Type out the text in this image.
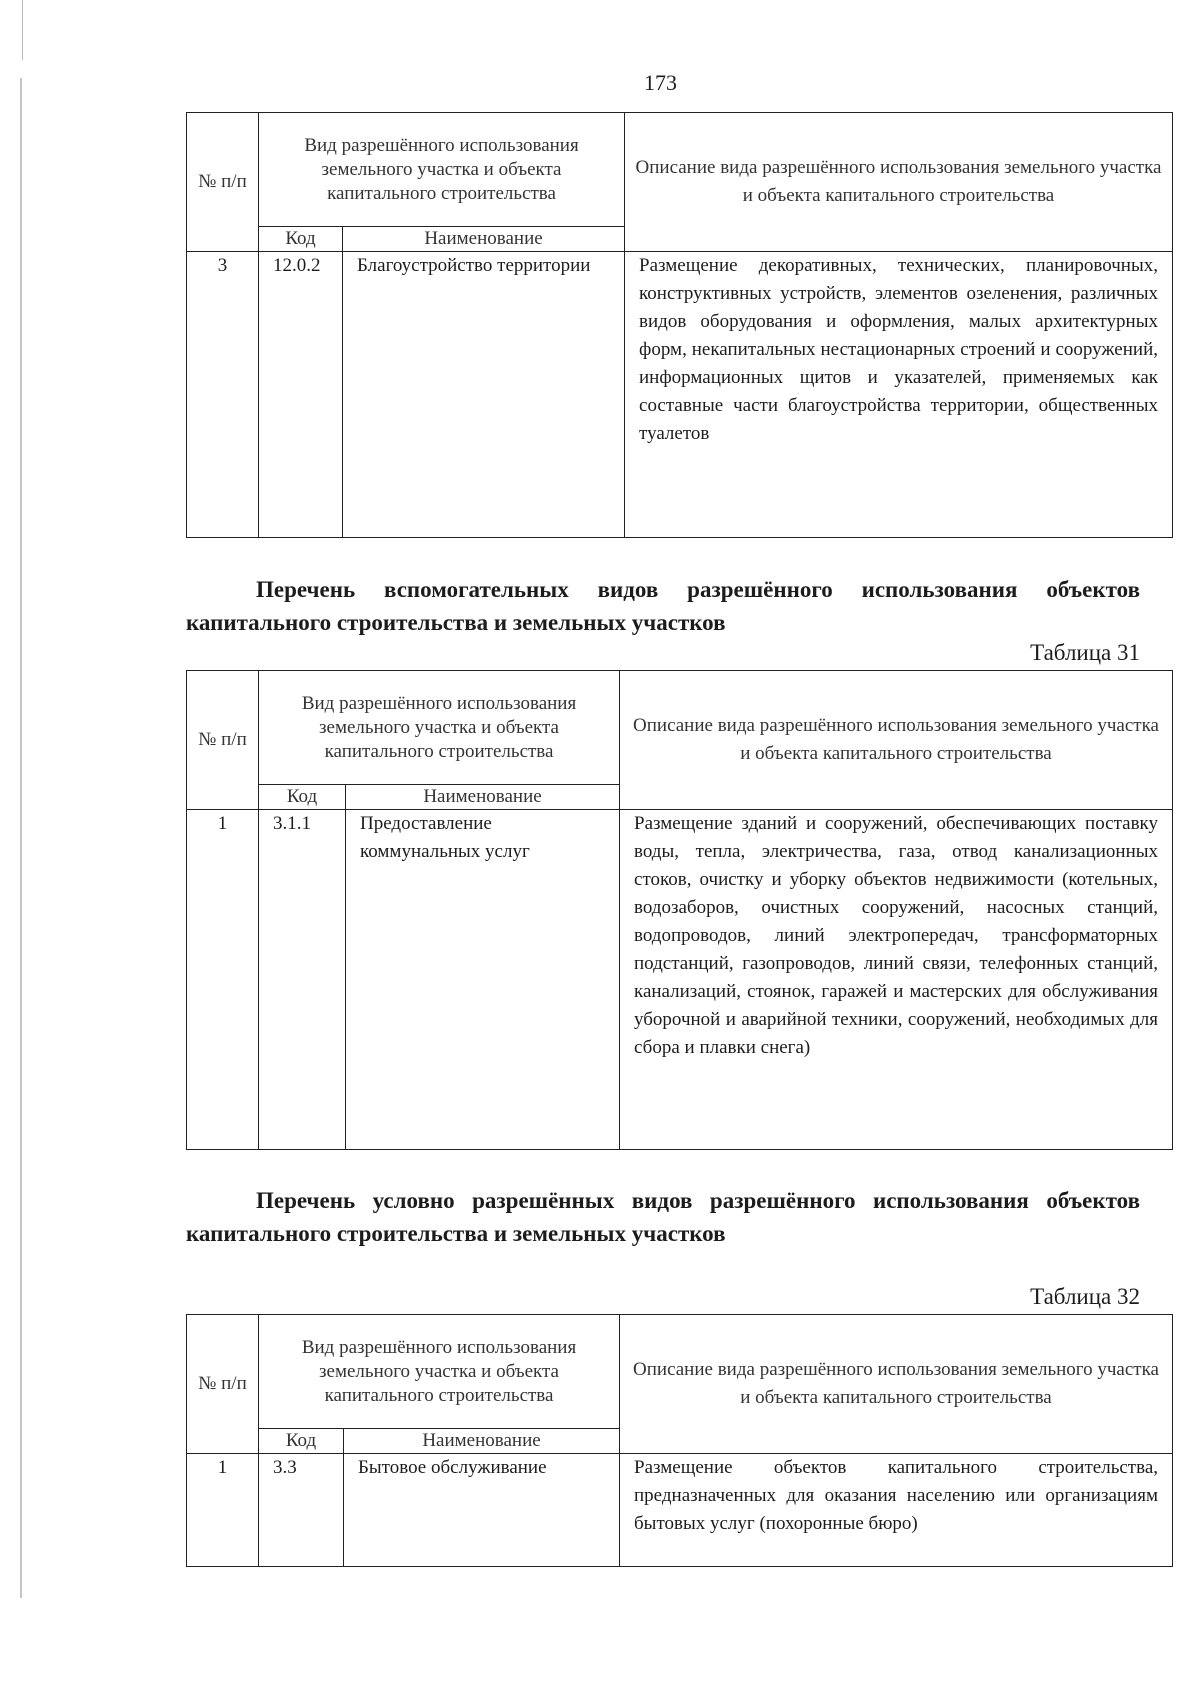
173
№ п/п	Вид разрешённого использования земельного участка и объекта капитального строительства		Описание вида разрешённого использования земельного участка и объекта капитального строительства
	Код	Наименование	
3	12.0.2	Благоустройство территории	Размещение декоративных, технических, планировочных, конструктивных устройств, элементов озеленения, различных видов оборудования и оформления, малых архитектурных форм, некапитальных нестационарных строений и сооружений, информационных щитов и указателей, применяемых как составные части благоустройства территории, общественных туалетов
Перечень вспомогательных видов разрешённого использования объектов капитального строительства и земельных участков
Таблица 31
№ п/п	Вид разрешённого использования земельного участка и объекта капитального строительства		Описание вида разрешённого использования земельного участка и объекта капитального строительства
	Код	Наименование	
1	3.1.1	Предоставление коммунальных услуг	Размещение зданий и сооружений, обеспечивающих поставку воды, тепла, электричества, газа, отвод канализационных стоков, очистку и уборку объектов недвижимости (котельных, водозаборов, очистных сооружений, насосных станций, водопроводов, линий электропередач, трансформаторных подстанций, газопроводов, линий связи, телефонных станций, канализаций, стоянок, гаражей и мастерских для обслуживания уборочной и аварийной техники, сооружений, необходимых для сбора и плавки снега)
Перечень условно разрешённых видов разрешённого использования объектов капитального строительства и земельных участков
Таблица 32
№ п/п	Вид разрешённого использования земельного участка и объекта капитального строительства		Описание вида разрешённого использования земельного участка и объекта капитального строительства
	Код	Наименование	
1	3.3	Бытовое обслуживание	Размещение объектов капитального строительства, предназначенных для оказания населению или организациям бытовых услуг (похоронные бюро)
